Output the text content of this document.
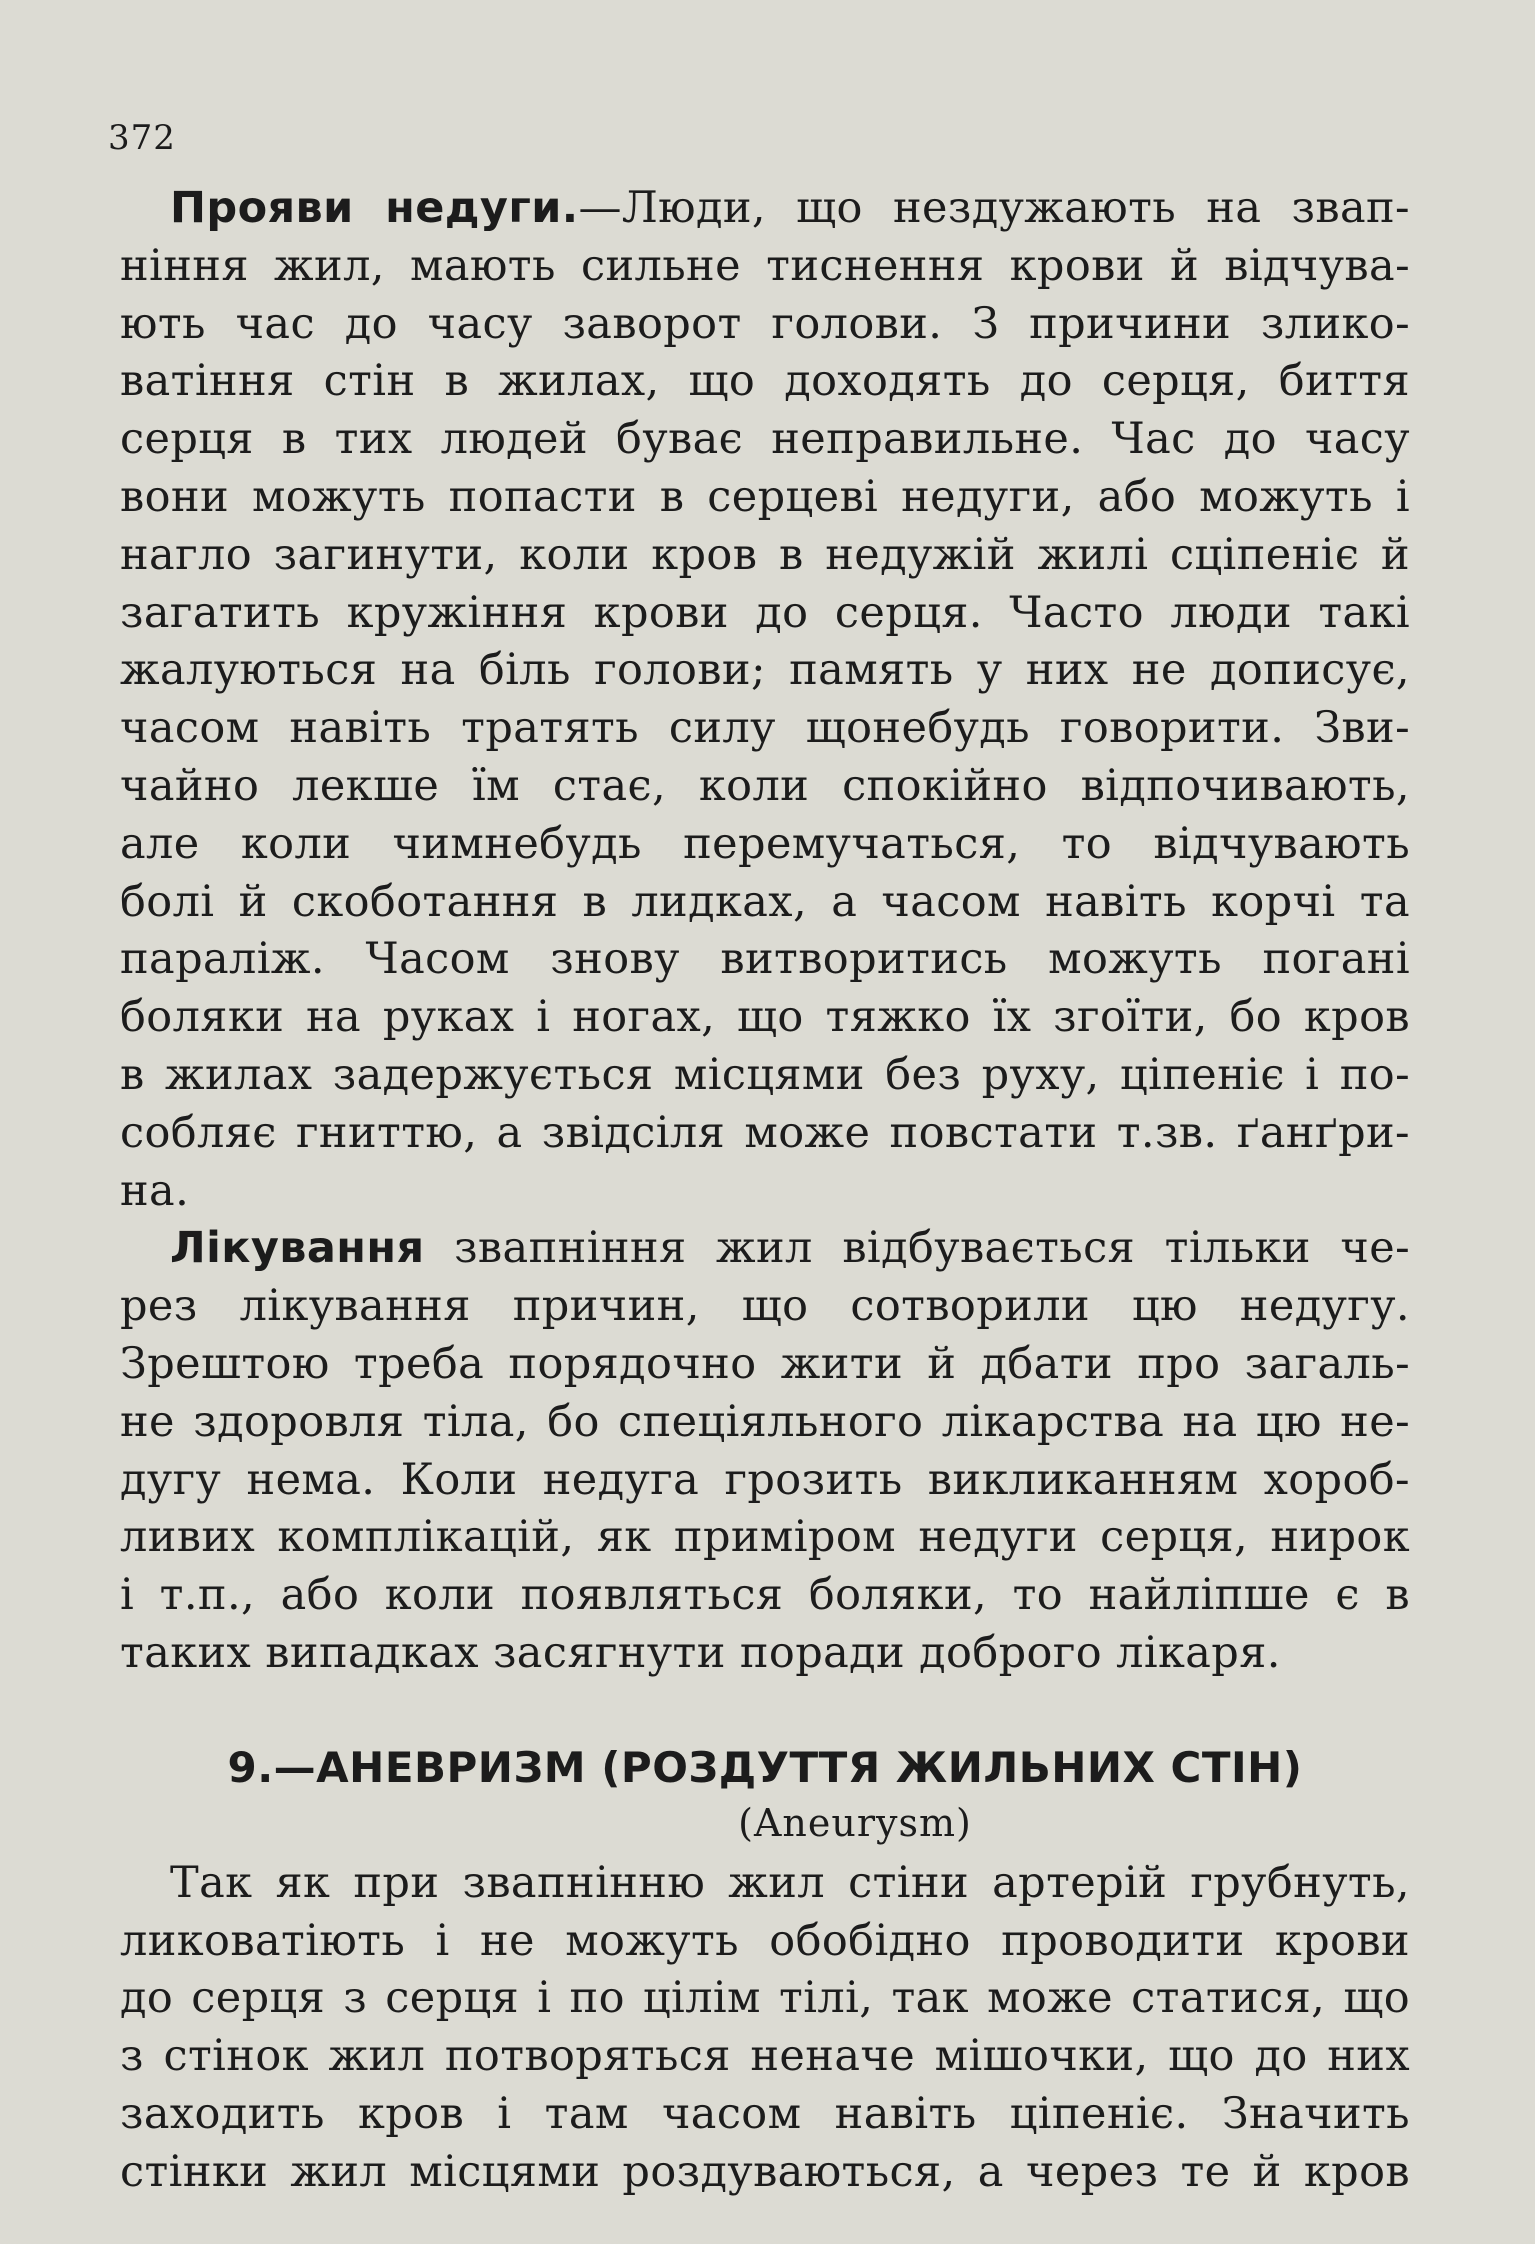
372
Прояви недуги.—Люди, що нездужають на звап-
ніння жил, мають сильне тиснення крови й відчува-
ють час до часу заворот голови. З причини злико-
ватіння стін в жилах, що доходять до серця, биття
серця в тих людей буває неправильне. Час до часу
вони можуть попасти в серцеві недуги, або можуть і
нагло загинути, коли кров в недужій жилі сціпеніє й
загатить кружіння крови до серця. Часто люди такі
жалуються на біль голови; память у них не дописує,
часом навіть тратять силу щонебудь говорити. Зви-
чайно лекше їм стає, коли спокійно відпочивають,
але коли чимнебудь перемучаться, то відчувають
болі й скоботання в лидках, а часом навіть корчі та
параліж. Часом знову витворитись можуть погані
боляки на руках і ногах, що тяжко їх згоїти, бо кров
в жилах задержується місцями без руху, ціпеніє і по-
собляє гниттю, а звідсіля може повстати т.зв. ґанґри-
на.
Лікування звапніння жил відбувається тільки че-
рез лікування причин, що сотворили цю недугу.
Зрештою треба порядочно жити й дбати про загаль-
не здоровля тіла, бо спеціяльного лікарства на цю не-
дугу нема. Коли недуга грозить викликанням хороб-
ливих комплікацій, як приміром недуги серця, нирок
і т.п., або коли появляться боляки, то найліпше є в
таких випадках засягнути поради доброго лікаря.
9.—АНЕВРИЗМ (РОЗДУТТЯ ЖИЛЬНИХ СТІН)
(Aneurysm)
Так як при звапнінню жил стіни артерій грубнуть,
ликоватіють і не можуть обобідно проводити крови
до серця з серця і по цілім тілі, так може статися, що
з стінок жил потворяться неначе мішочки, що до них
заходить кров і там часом навіть ціпеніє. Значить
стінки жил місцями роздуваються, а через те й кров
